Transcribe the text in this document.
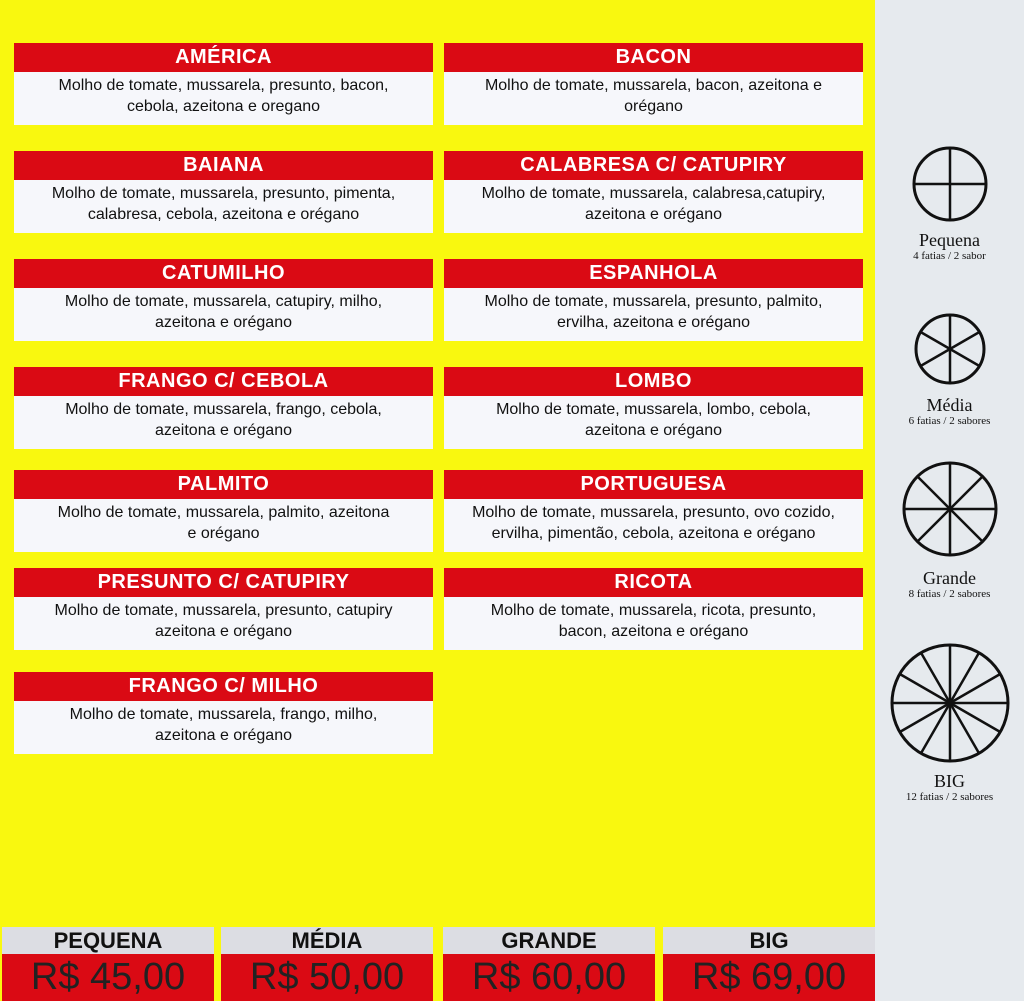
AMÉRICA
Molho de tomate, mussarela, presunto, bacon,
cebola, azeitona e oregano
BACON
Molho de tomate, mussarela, bacon, azeitona e
orégano
BAIANA
Molho de tomate, mussarela, presunto, pimenta,
calabresa, cebola, azeitona e orégano
CALABRESA C/ CATUPIRY
Molho de tomate, mussarela, calabresa,catupiry,
azeitona e orégano
CATUMILHO
Molho de tomate, mussarela, catupiry, milho,
azeitona e orégano
ESPANHOLA
Molho de tomate, mussarela, presunto, palmito,
ervilha, azeitona e orégano
FRANGO C/ CEBOLA
Molho de tomate, mussarela, frango, cebola,
azeitona e orégano
LOMBO
Molho de tomate, mussarela, lombo, cebola,
azeitona e orégano
PALMITO
Molho de tomate, mussarela, palmito, azeitona
e orégano
PORTUGUESA
Molho de tomate, mussarela, presunto, ovo cozido,
ervilha, pimentão, cebola, azeitona e orégano
PRESUNTO C/ CATUPIRY
Molho de tomate, mussarela, presunto, catupiry
azeitona e orégano
RICOTA
Molho de tomate, mussarela, ricota, presunto,
bacon, azeitona e orégano
FRANGO C/ MILHO
Molho de tomate, mussarela, frango, milho,
azeitona e orégano
PEQUENA
R$ 45,00
MÉDIA
R$ 50,00
GRANDE
R$ 60,00
BIG
R$ 69,00
Pequena
4 fatias / 2 sabor
Média
6 fatias / 2 sabores
Grande
8 fatias / 2 sabores
BIG
12 fatias / 2 sabores
